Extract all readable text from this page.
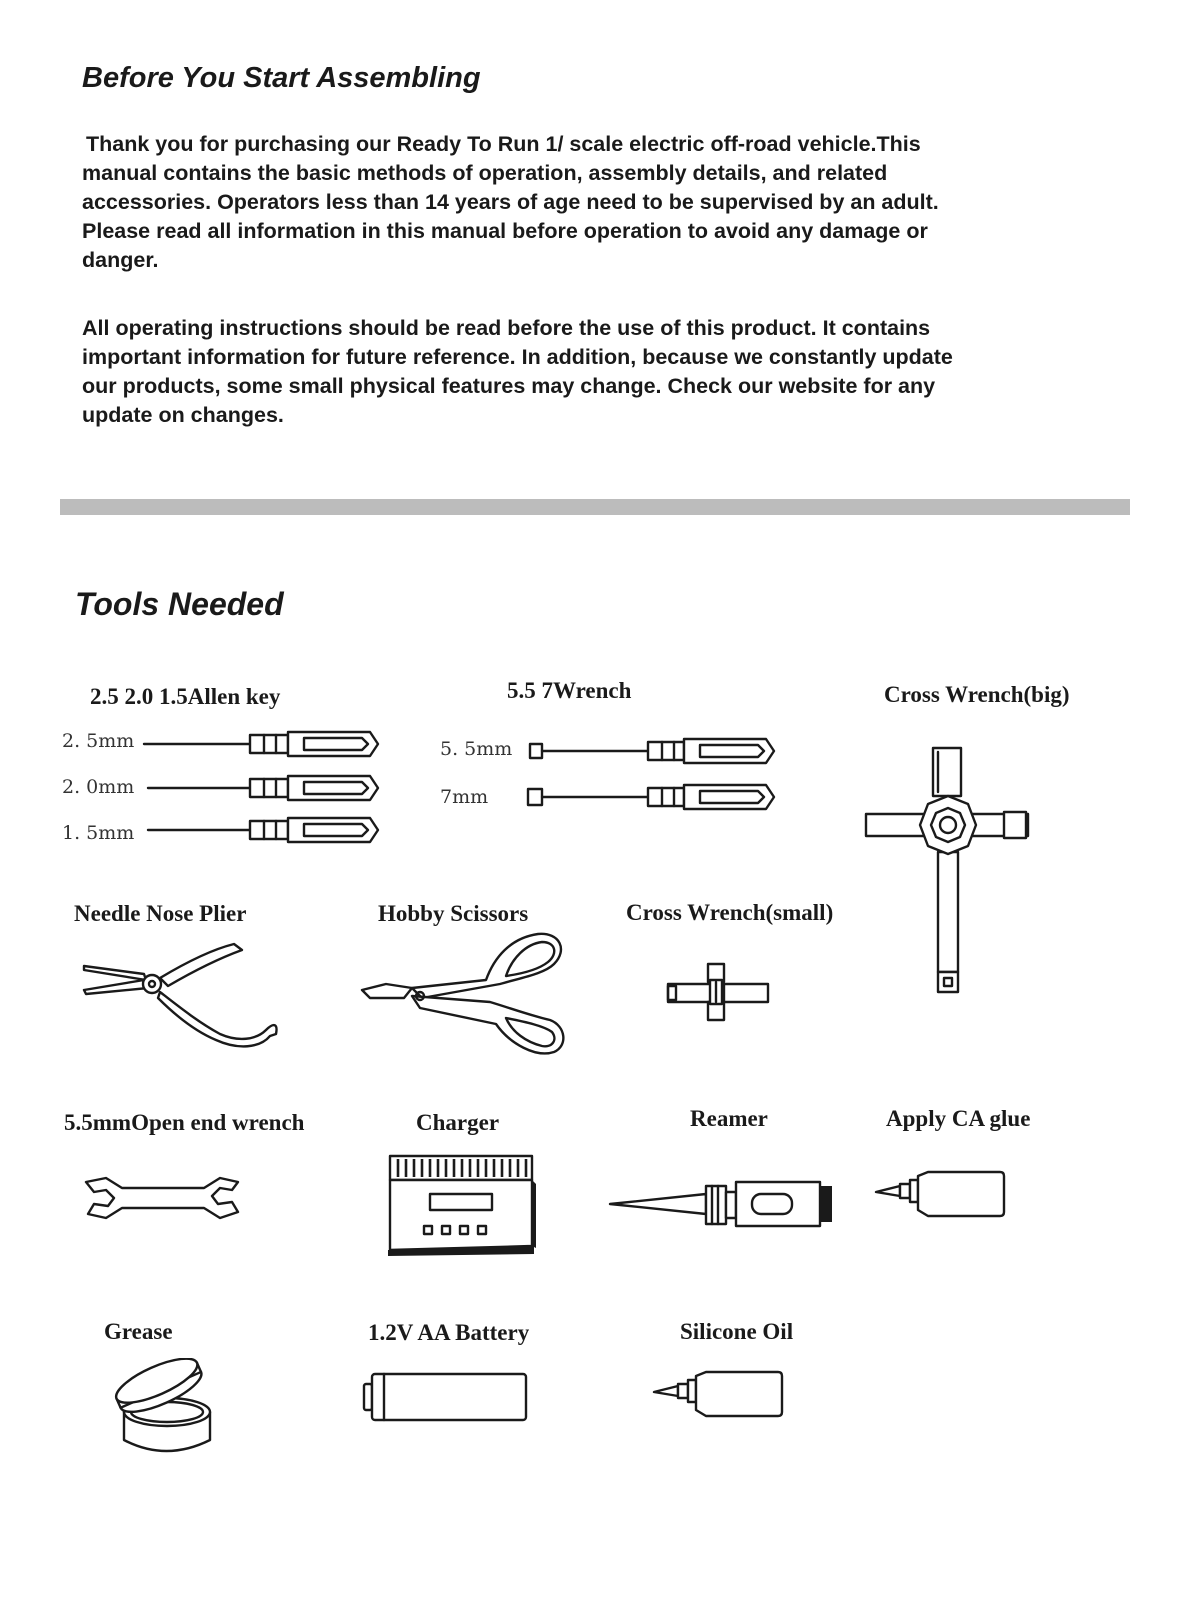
Before You Start Assembling
Thank you for purchasing our Ready To Run 1/ scale electric off-road vehicle.This
manual contains the basic methods of operation, assembly details, and related
accessories. Operators less than 14 years of age need to be supervised by an adult.
Please read all information in this manual before operation to avoid any damage or
danger.
All operating instructions should be read before the use of this product. It contains
important information for future reference. In addition, because we constantly update
our products, some small physical features may change. Check our website for any
update on changes.
Tools Needed
2.5 2.0 1.5Allen key
2. 5mm
2. 0mm
1. 5mm
5.5 7Wrench
5. 5mm
7mm
Cross Wrench(big)
Needle Nose Plier	Hobby Scissors	Cross Wrench(small)
5.5mmOpen end wrench	Charger	Reamer	Apply CA glue
Grease	1.2V AA Battery	Silicone Oil
